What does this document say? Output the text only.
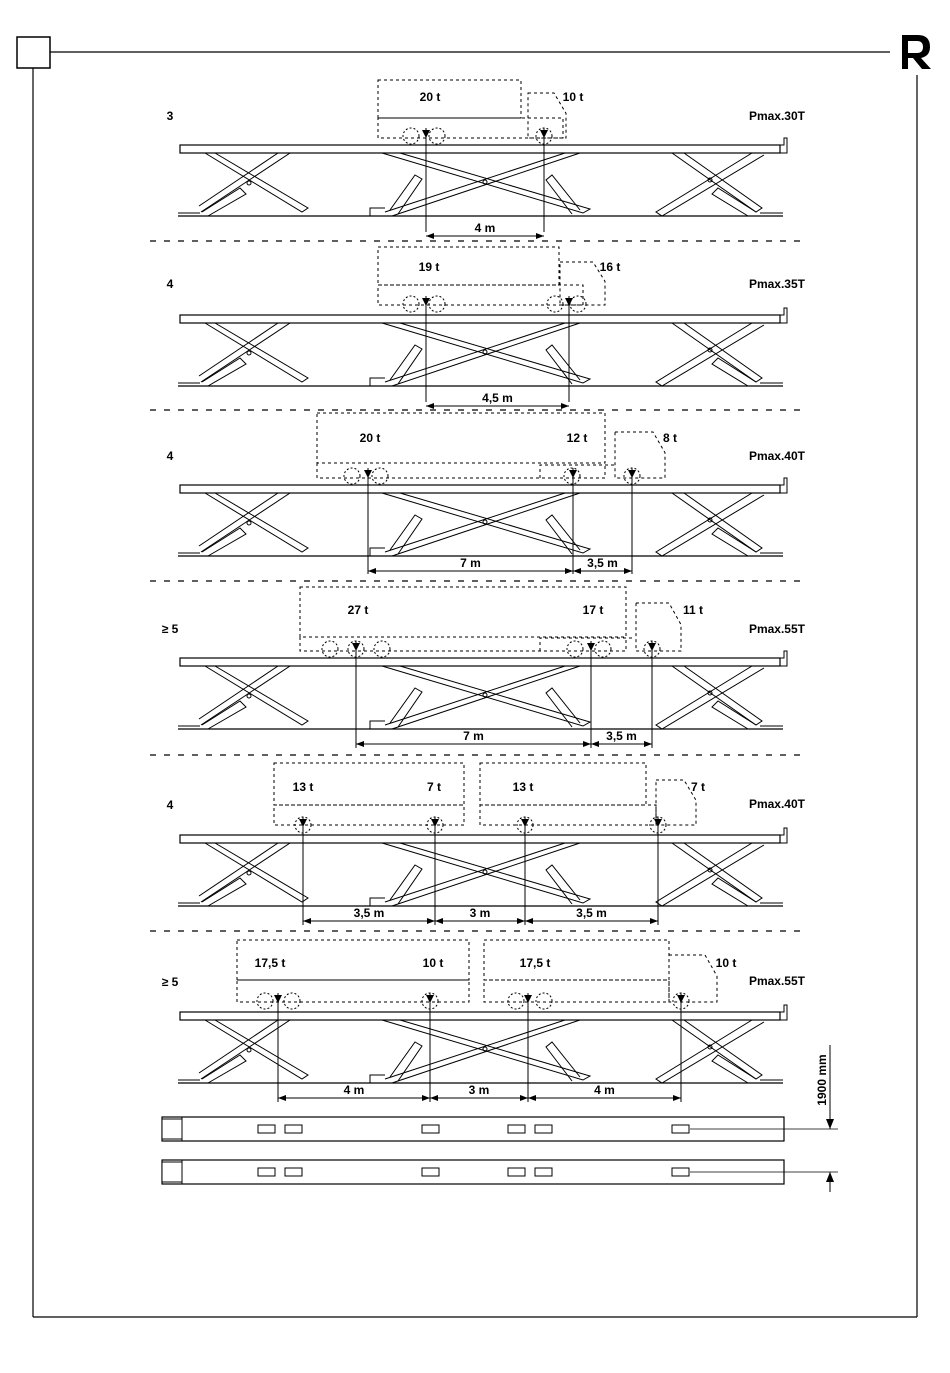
3	Pmax.30T
20 t	10 t
4 m
4	Pmax.35T
19 t	16 t
4,5 m
4	Pmax.40T
20 t	12 t	8 t
7 m	3,5 m
≥ 5	Pmax.55T
27 t	17 t	11 t
7 m	3,5 m
4	Pmax.40T
13 t	7 t	13 t	7 t
3,5 m	3 m	3,5 m
≥ 5	Pmax.55T
17,5 t	10 t	17,5 t	10 t
4 m	3 m	4 m	1900 mm
